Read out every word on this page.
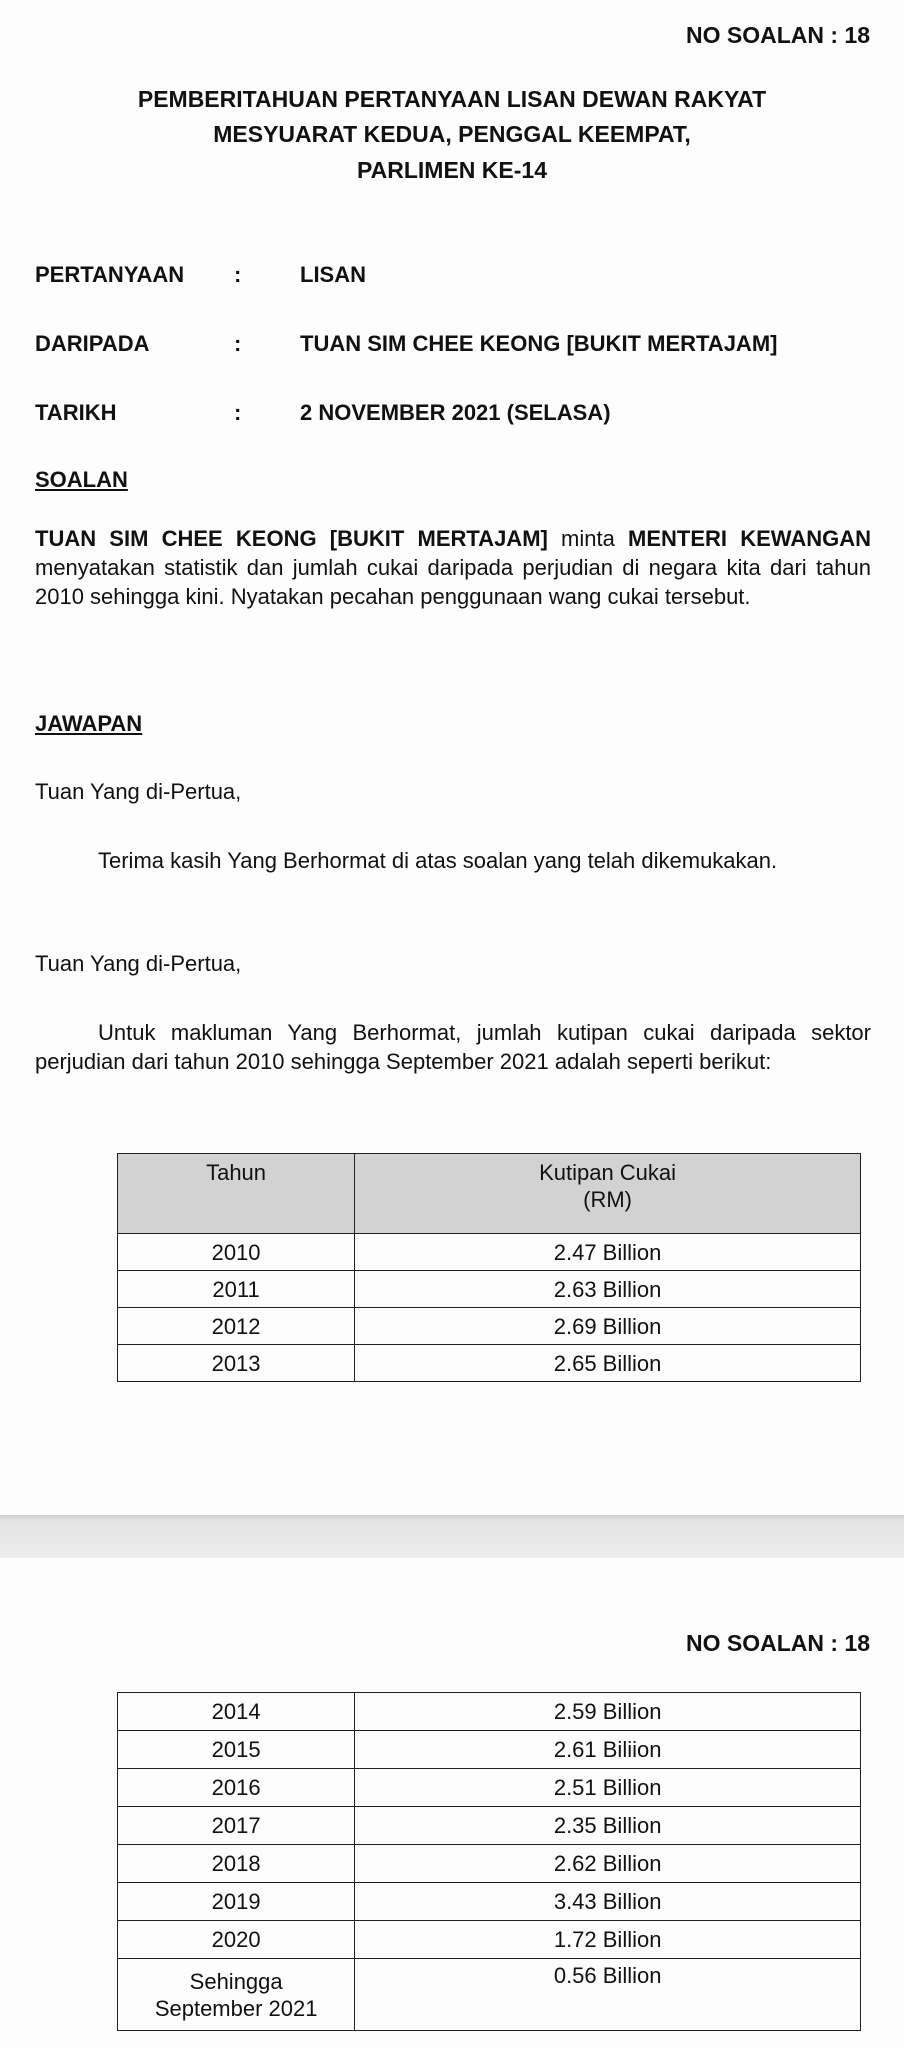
NO SOALAN : 18
PEMBERITAHUAN PERTANYAAN LISAN DEWAN RAKYAT
MESYUARAT KEDUA, PENGGAL KEEMPAT,
PARLIMEN KE-14
PERTANYAAN :	LISAN
DARIPADA	:	TUAN SIM CHEE KEONG [BUKIT MERTAJAM]
TARIKH	:	2 NOVEMBER 2021 (SELASA)
SOALAN
TUAN SIM CHEE KEONG [BUKIT MERTAJAM] minta MENTERI KEWANGAN menyatakan statistik dan jumlah cukai daripada perjudian di negara kita dari tahun 2010 sehingga kini. Nyatakan pecahan penggunaan wang cukai tersebut.
JAWAPAN
Tuan Yang di-Pertua,
Terima kasih Yang Berhormat di atas soalan yang telah dikemukakan.
Tuan Yang di-Pertua,
Untuk makluman Yang Berhormat, jumlah kutipan cukai daripada sektor perjudian dari tahun 2010 sehingga September 2021 adalah seperti berikut:
Tahun	Kutipan Cukai
(RM)

2010	2.47 Billion
2011	2.63 Billion
2012	2.69 Billion
2013	2.65 Billion
NO SOALAN : 18
2014	2.59 Billion
2015	2.61 Biliion
2016	2.51 Billion
2017	2.35 Billion
2018	2.62 Billion
2019	3.43 Billion
2020	1.72 Billion

Sehingga
September 2021	0.56 Billion
